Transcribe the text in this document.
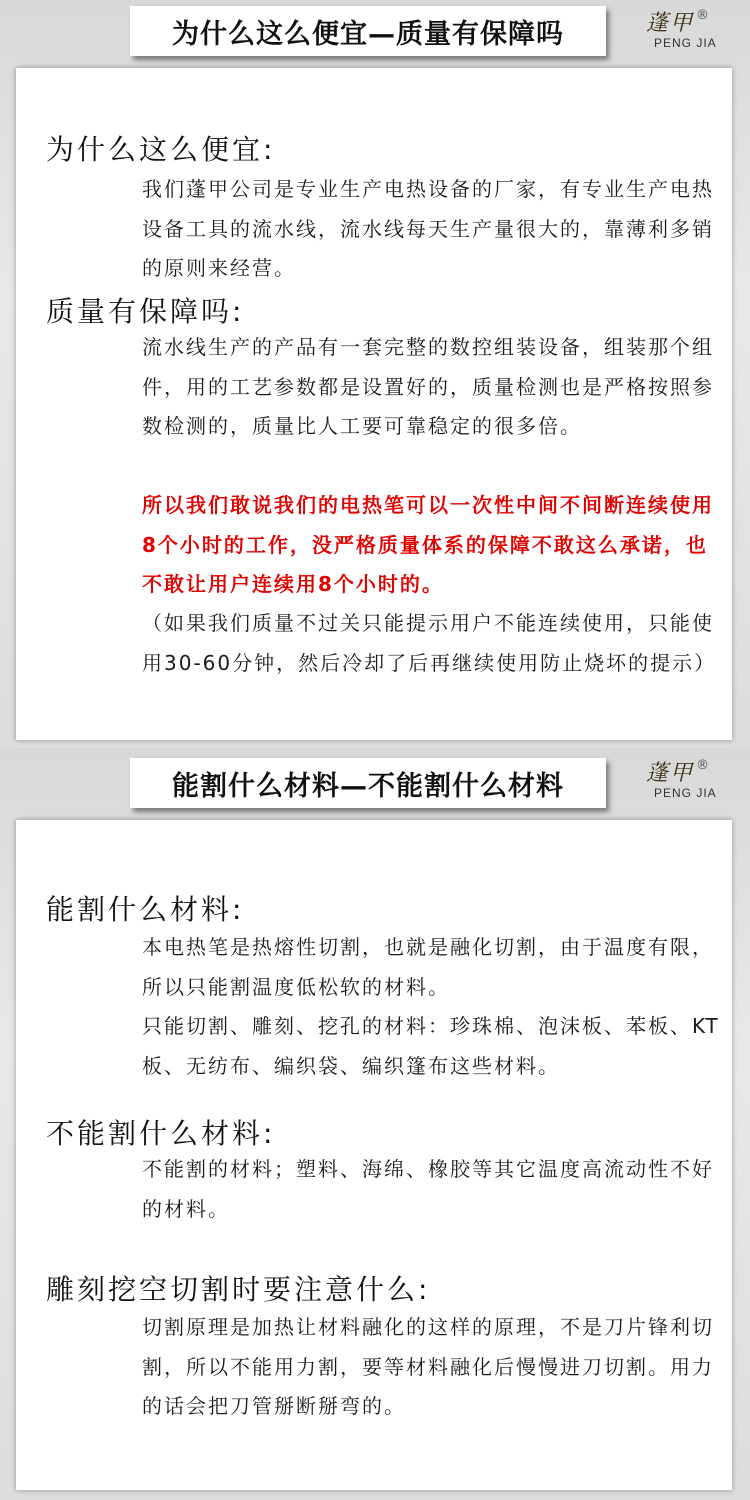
为什么这么便宜—质量有保障吗	蓬甲 ®
PENG JIA
为什么这么便宜:
我们蓬甲公司是专业生产电热设备的厂家，有专业生产电热设备工具的流水线，流水线每天生产量很大的，靠薄利多销的原则来经营。
质量有保障吗:
流水线生产的产品有一套完整的数控组装设备，组装那个组件，用的工艺参数都是设置好的，质量检测也是严格按照参数检测的，质量比人工要可靠稳定的很多倍。
所以我们敢说我们的电热笔可以一次性中间不间断连续使用8个小时的工作，没严格质量体系的保障不敢这么承诺，也不敢让用户连续用8个小时的。
（如果我们质量不过关只能提示用户不能连续使用，只能使用30-60分钟，然后冷却了后再继续使用防止烧坏的提示）
能割什么材料—不能割什么材料	蓬甲 ®
PENG JIA
能割什么材料:
本电热笔是热熔性切割，也就是融化切割，由于温度有限，所以只能割温度低松软的材料。
只能切割、雕刻、挖孔的材料：珍珠棉、泡沫板、苯板、KT板、无纺布、编织袋、编织篷布这些材料。
不能割什么材料:
不能割的材料；塑料、海绵、橡胶等其它温度高流动性不好的材料。
雕刻挖空切割时要注意什么:
切割原理是加热让材料融化的这样的原理，不是刀片锋利切割，所以不能用力割，要等材料融化后慢慢进刀切割。用力的话会把刀管掰断掰弯的。
